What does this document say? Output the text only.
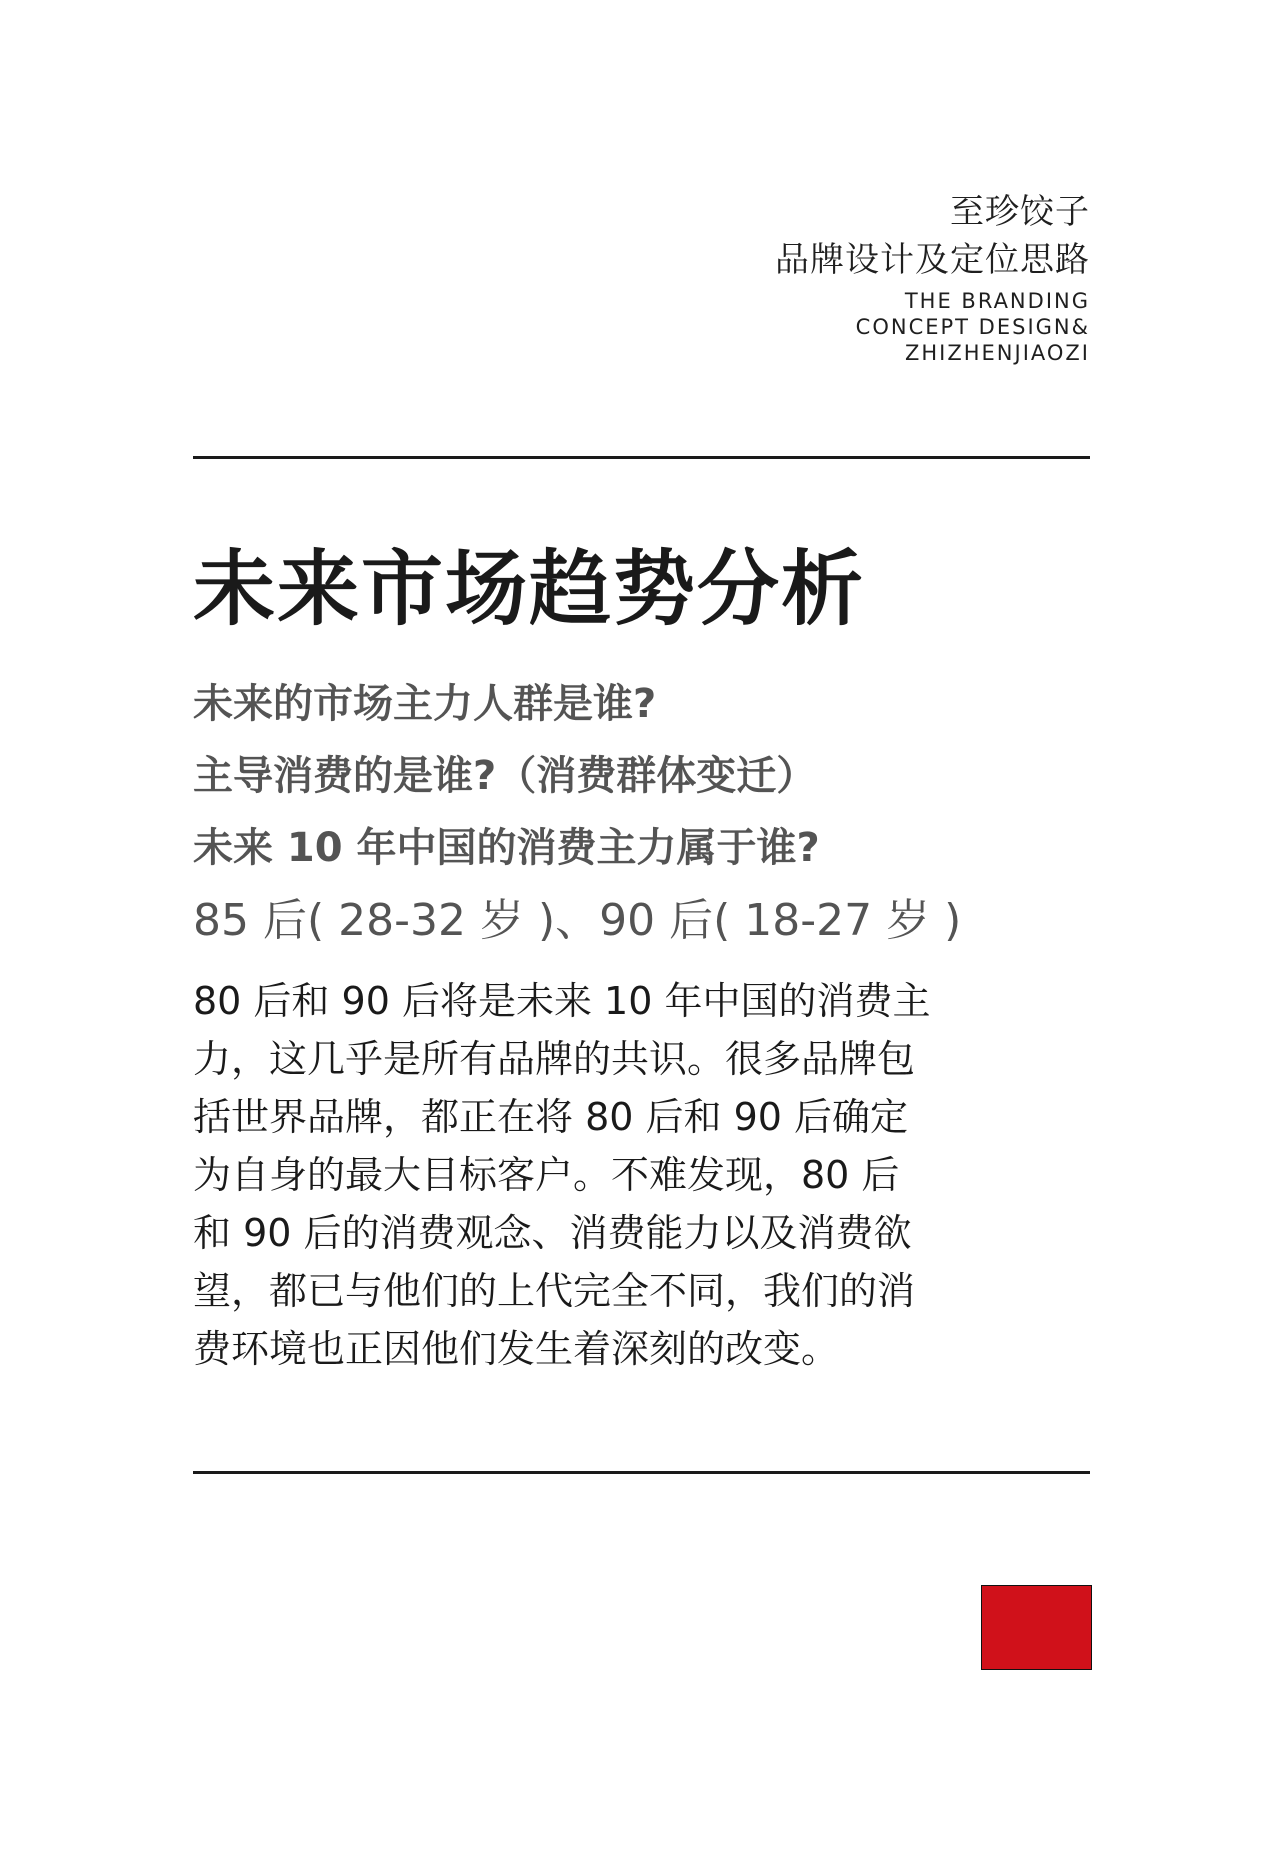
至珍饺子
品牌设计及定位思路
THE BRANDING
CONCEPT DESIGN&
ZHIZHENJIAOZI
未来市场趋势分析
未来的市场主力人群是谁?
主导消费的是谁?（消费群体变迁）
未来 10 年中国的消费主力属于谁?
85 后( 28-32 岁 )、90 后( 18-27 岁 )
80 后和 90 后将是未来 10 年中国的消费主
力，这几乎是所有品牌的共识。很多品牌包
括世界品牌，都正在将 80 后和 90 后确定
为自身的最大目标客户。不难发现，80 后
和 90 后的消费观念、消费能力以及消费欲
望，都已与他们的上代完全不同，我们的消
费环境也正因他们发生着深刻的改变。
